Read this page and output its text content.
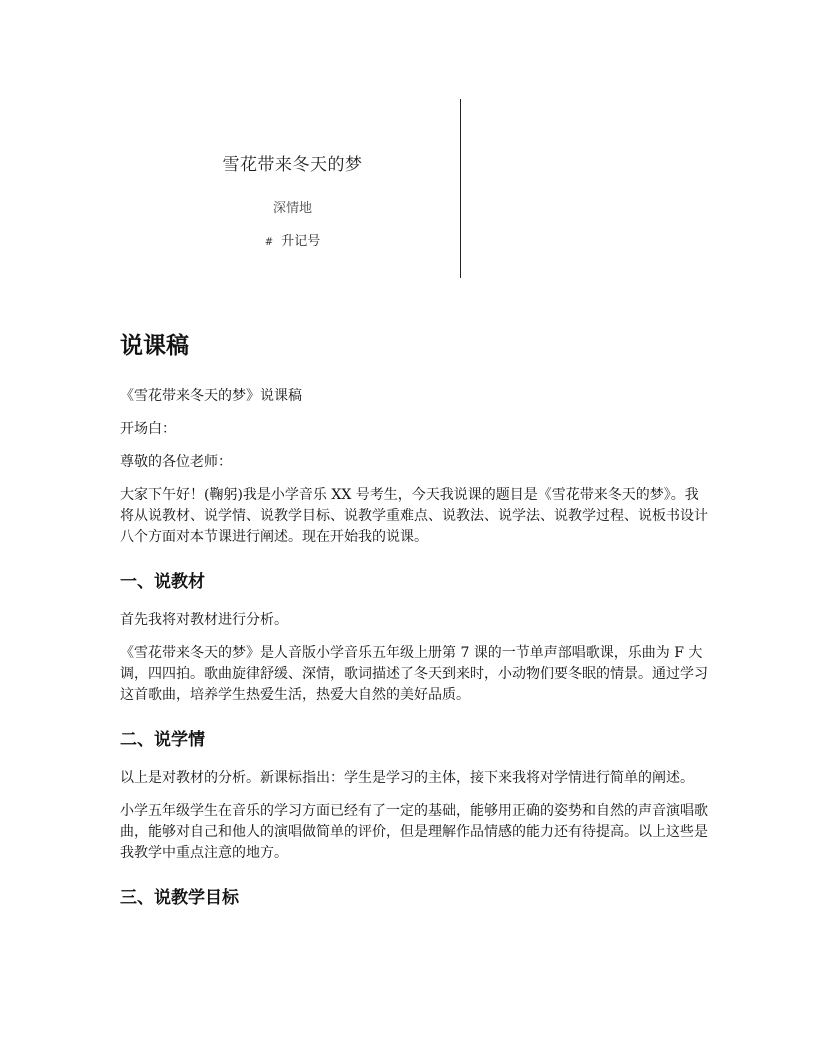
雪花带来冬天的梦
深情地
# 升记号
说课稿

《雪花带来冬天的梦》说课稿

开场白：

尊敬的各位老师：

大家下午好！(鞠躬)我是小学音乐 XX 号考生，今天我说课的题目是《雪花带来冬天的梦》。我将从说教材、说学情、说教学目标、说教学重难点、说教法、说学法、说教学过程、说板书设计八个方面对本节课进行阐述。现在开始我的说课。

一、说教材

首先我将对教材进行分析。

《雪花带来冬天的梦》是人音版小学音乐五年级上册第 7 课的一节单声部唱歌课，乐曲为 F 大调，四四拍。歌曲旋律舒缓、深情，歌词描述了冬天到来时，小动物们要冬眠的情景。通过学习这首歌曲，培养学生热爱生活，热爱大自然的美好品质。

二、说学情

以上是对教材的分析。新课标指出：学生是学习的主体，接下来我将对学情进行简单的阐述。

小学五年级学生在音乐的学习方面已经有了一定的基础，能够用正确的姿势和自然的声音演唱歌曲，能够对自己和他人的演唱做简单的评价，但是理解作品情感的能力还有待提高。以上这些是我教学中重点注意的地方。

三、说教学目标
